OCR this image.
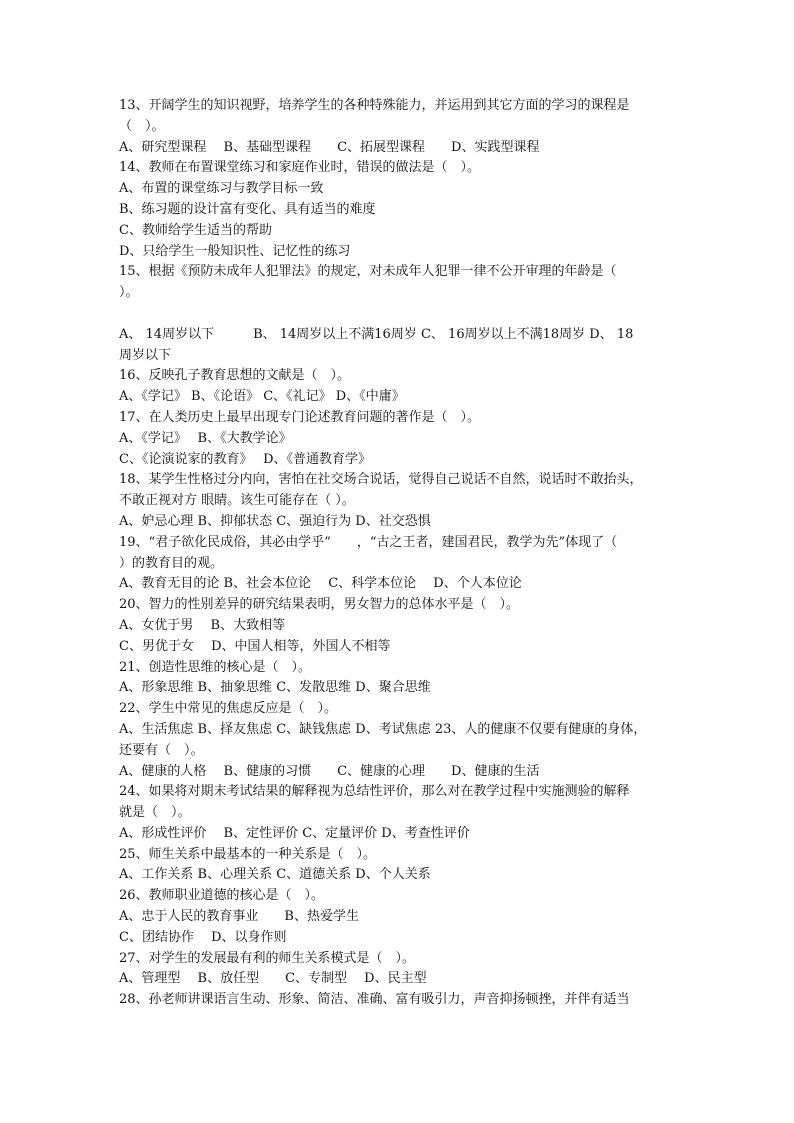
13、开阔学生的知识视野，培养学生的各种特殊能力，并运用到其它方面的学习的课程是
（　）。
A、研究型课程　 B、基础型课程　　C、拓展型课程　　D、实践型课程
14、教师在布置课堂练习和家庭作业时，错误的做法是（　）。
A、布置的课堂练习与教学目标一致
B、练习题的设计富有变化、具有适当的难度
C、教师给学生适当的帮助
D、只给学生一般知识性、记忆性的练习
15、根据《预防未成年人犯罪法》的规定，对未成年人犯罪一律不公开审理的年龄是（
）。
A、 14周岁以下　　　B、 14周岁以上不满16周岁 C、 16周岁以上不满18周岁 D、 18
周岁以下
16、反映孔子教育思想的文献是（　）。
A、《学记》 B、《论语》 C、《礼记》 D、《中庸》
17、在人类历史上最早出现专门论述教育问题的著作是（　）。
A、《学记》　 B、《大教学论》
C、《论演说家的教育》　 D、《普通教育学》
18、某学生性格过分内向，害怕在社交场合说话，觉得自己说话不自然，说话时不敢抬头，
不敢正视对方 眼睛。该生可能存在（ ）。
A、妒忌心理 B、抑郁状态 C、强迫行为 D、社交恐惧
19、“君子欲化民成俗，其必由学乎”　　，“古之王者，建国君民，教学为先”体现了（
）的教育目的观。
A、教育无目的论 B、社会本位论　 C、科学本位论　 D、个人本位论
20、智力的性别差异的研究结果表明，男女智力的总体水平是（　）。
A、女优于男　 B、大致相等
C、男优于女　 D、中国人相等，外国人不相等
21、创造性思维的核心是（　）。
A、形象思维 B、抽象思维 C、发散思维 D、聚合思维
22、学生中常见的焦虑反应是（　）。
A、生活焦虑 B、择友焦虑 C、缺钱焦虑 D、考试焦虑 23、人的健康不仅要有健康的身体，
还要有（　）。
A、健康的人格　 B、健康的习惯　　C、健康的心理　　D、健康的生活
24、如果将对期末考试结果的解释视为总结性评价，那么对在教学过程中实施测验的解释
就是（　）。
A、形成性评价　 B、定性评价 C、定量评价 D、考查性评价
25、师生关系中最基本的一种关系是（　）。
A、工作关系 B、心理关系 C、道德关系 D、个人关系
26、教师职业道德的核心是（　）。
A、忠于人民的教育事业　　B、热爱学生
C、团结协作　 D、以身作则
27、对学生的发展最有利的师生关系模式是（　）。
A、管理型　 B、放任型　　C、专制型　 D、民主型
28、孙老师讲课语言生动、形象、简洁、准确、富有吸引力，声音抑扬顿挫，并伴有适当
